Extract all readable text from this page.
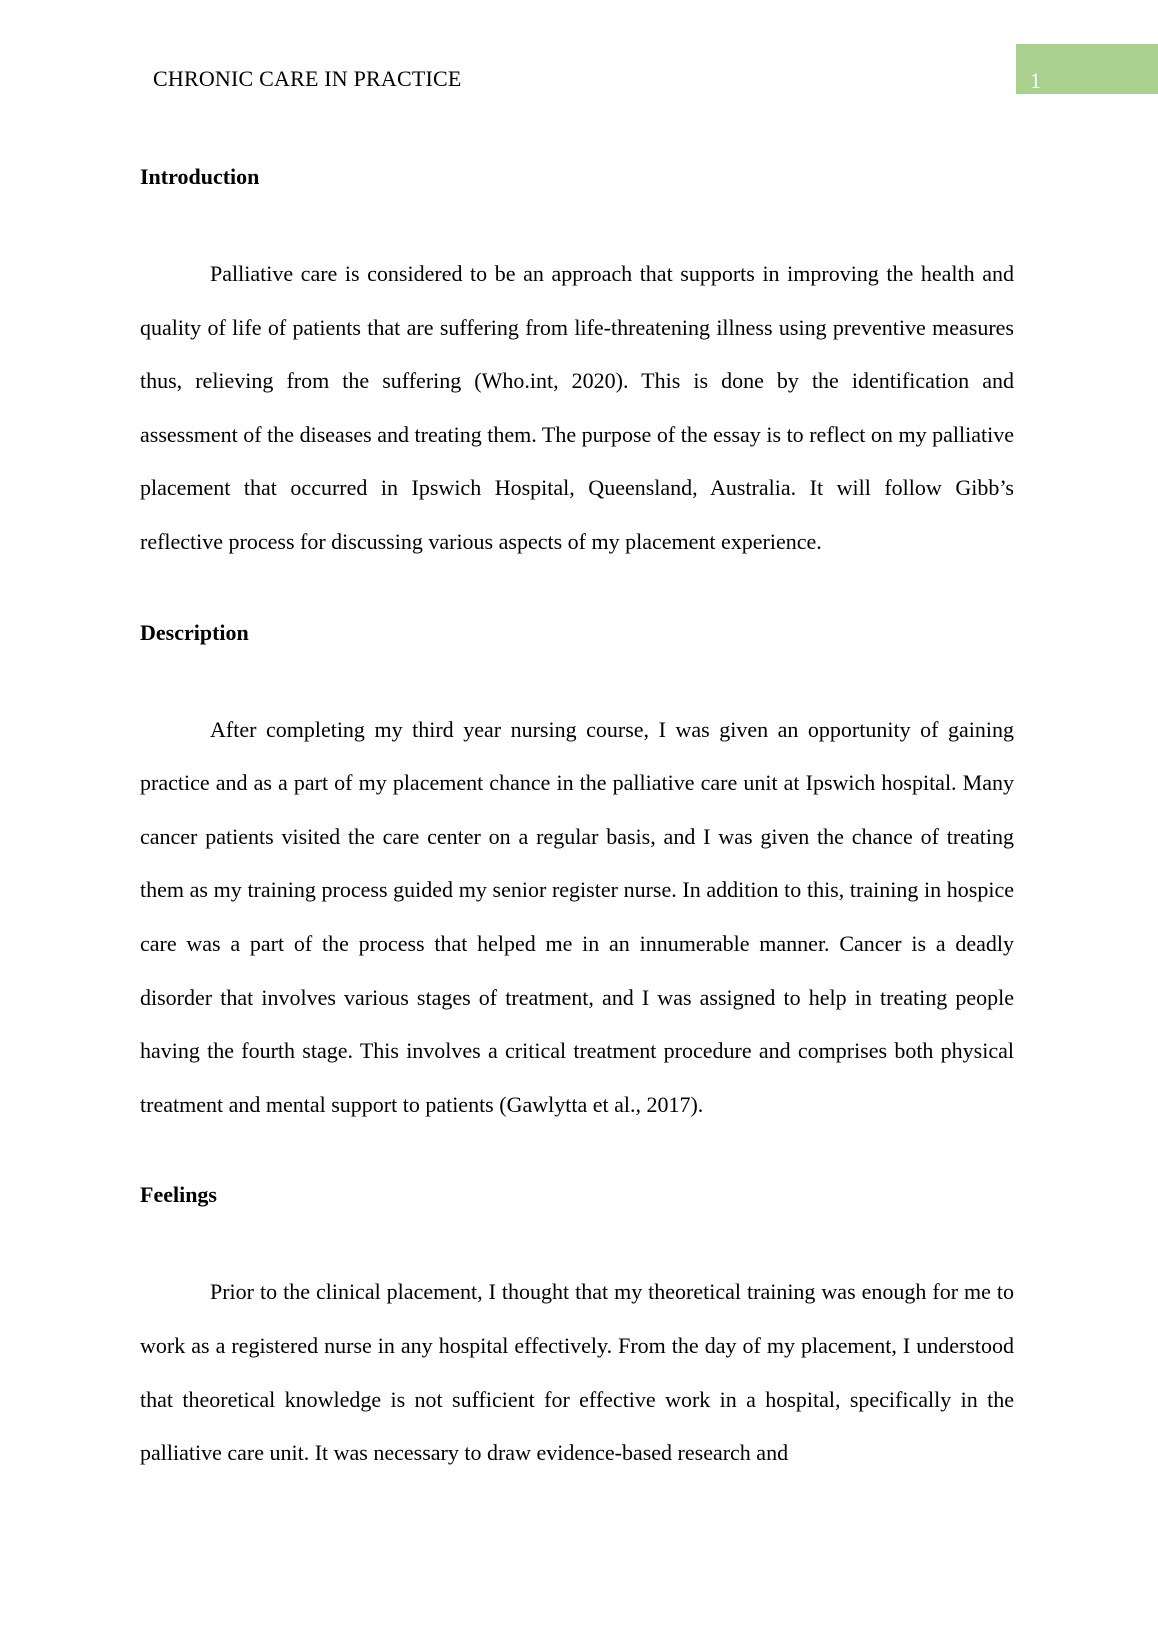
CHRONIC CARE IN PRACTICE	1
Introduction

Palliative care is considered to be an approach that supports in improving the health and quality of life of patients that are suffering from life-threatening illness using preventive measures thus, relieving from the suffering (Who.int, 2020). This is done by the identification and assessment of the diseases and treating them. The purpose of the essay is to reflect on my palliative placement that occurred in Ipswich Hospital, Queensland, Australia. It will follow Gibb’s reflective process for discussing various aspects of my placement experience.

Description

After completing my third year nursing course, I was given an opportunity of gaining practice and as a part of my placement chance in the palliative care unit at Ipswich hospital. Many cancer patients visited the care center on a regular basis, and I was given the chance of treating them as my training process guided my senior register nurse. In addition to this, training in hospice care was a part of the process that helped me in an innumerable manner. Cancer is a deadly disorder that involves various stages of treatment, and I was assigned to help in treating people having the fourth stage. This involves a critical treatment procedure and comprises both physical treatment and mental support to patients (Gawlytta et al., 2017).

Feelings

Prior to the clinical placement, I thought that my theoretical training was enough for me to work as a registered nurse in any hospital effectively. From the day of my placement, I understood that theoretical knowledge is not sufficient for effective work in a hospital, specifically in the palliative care unit. It was necessary to draw evidence-based research and
